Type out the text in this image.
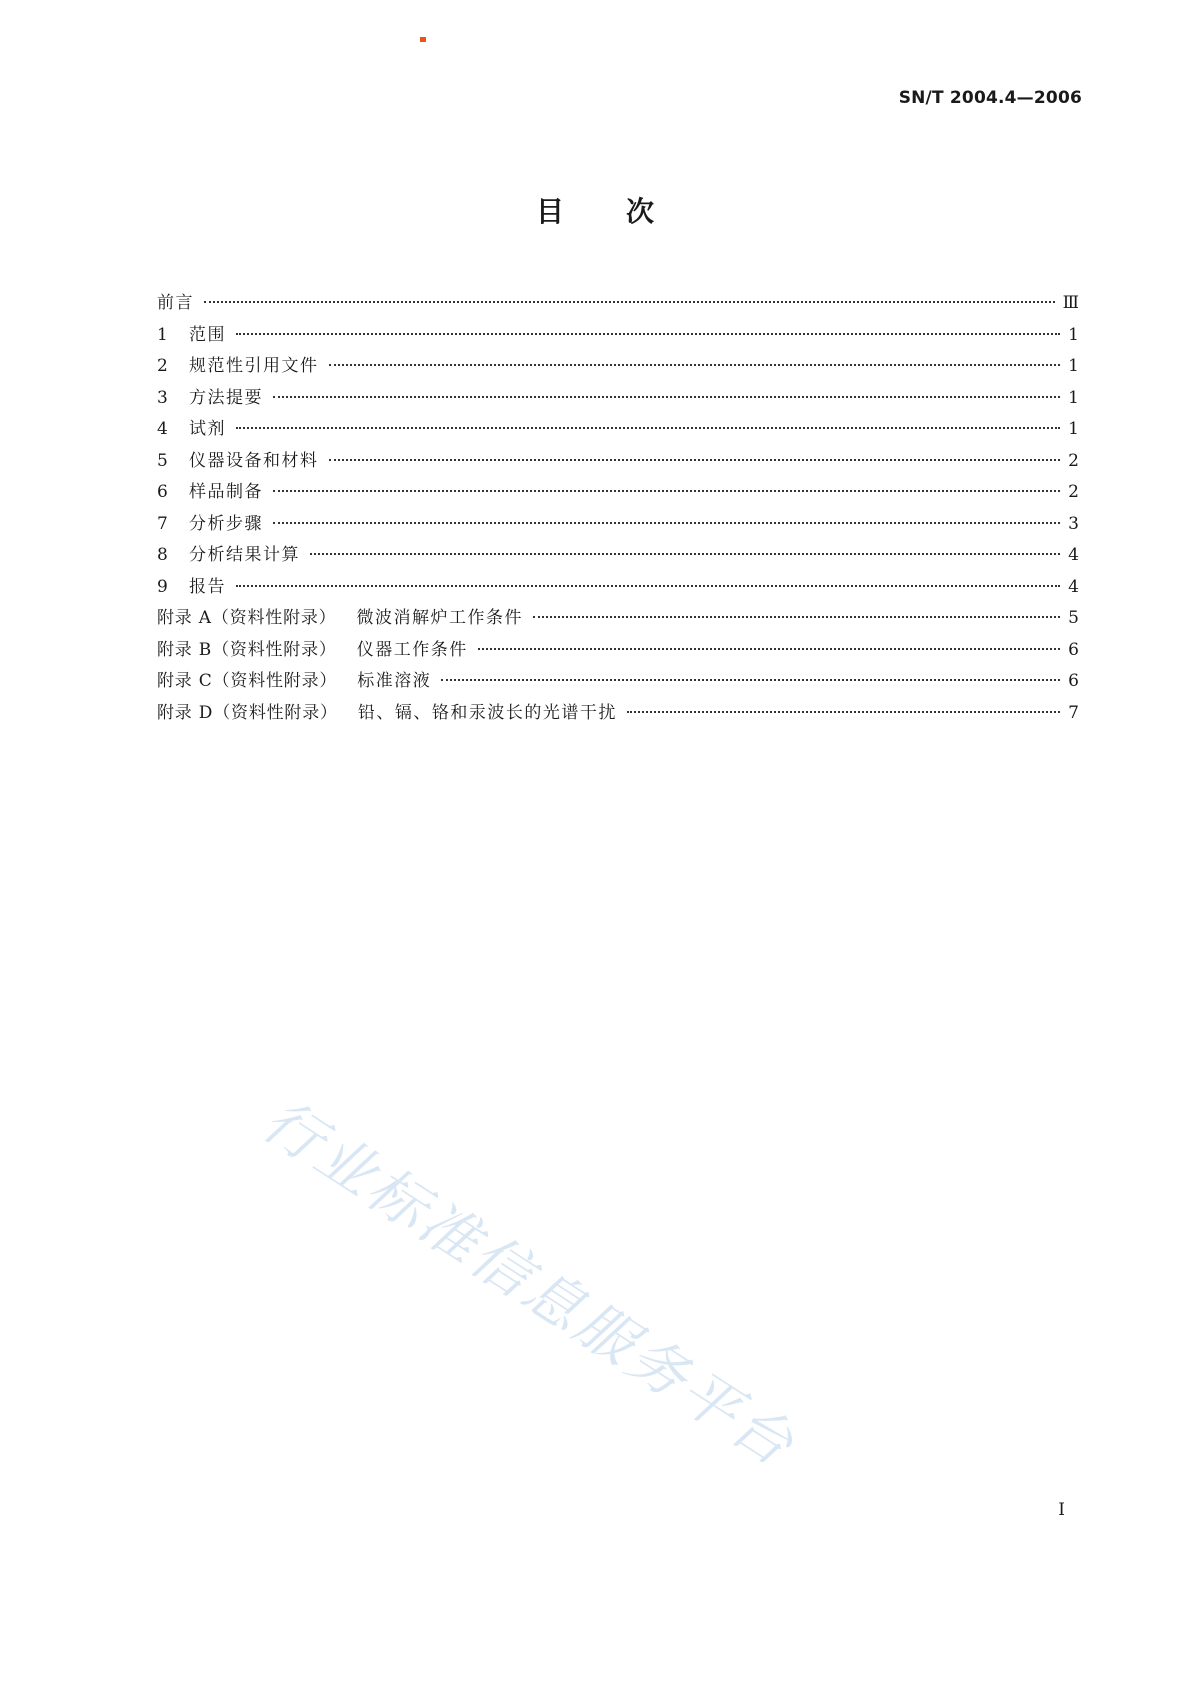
SN/T 2004.4—2006
目次
前言	Ⅲ
1	范围	1
2	规范性引用文件	1
3	方法提要	1
4	试剂	1
5	仪器设备和材料	2
6	样品制备	2
7	分析步骤	3
8	分析结果计算	4
9	报告	4
附录 A（资料性附录） 微波消解炉工作条件	5
附录 B（资料性附录） 仪器工作条件	6
附录 C（资料性附录） 标准溶液	6
附录 D（资料性附录） 铅、镉、铬和汞波长的光谱干扰	7
行业标准信息服务平台
I
